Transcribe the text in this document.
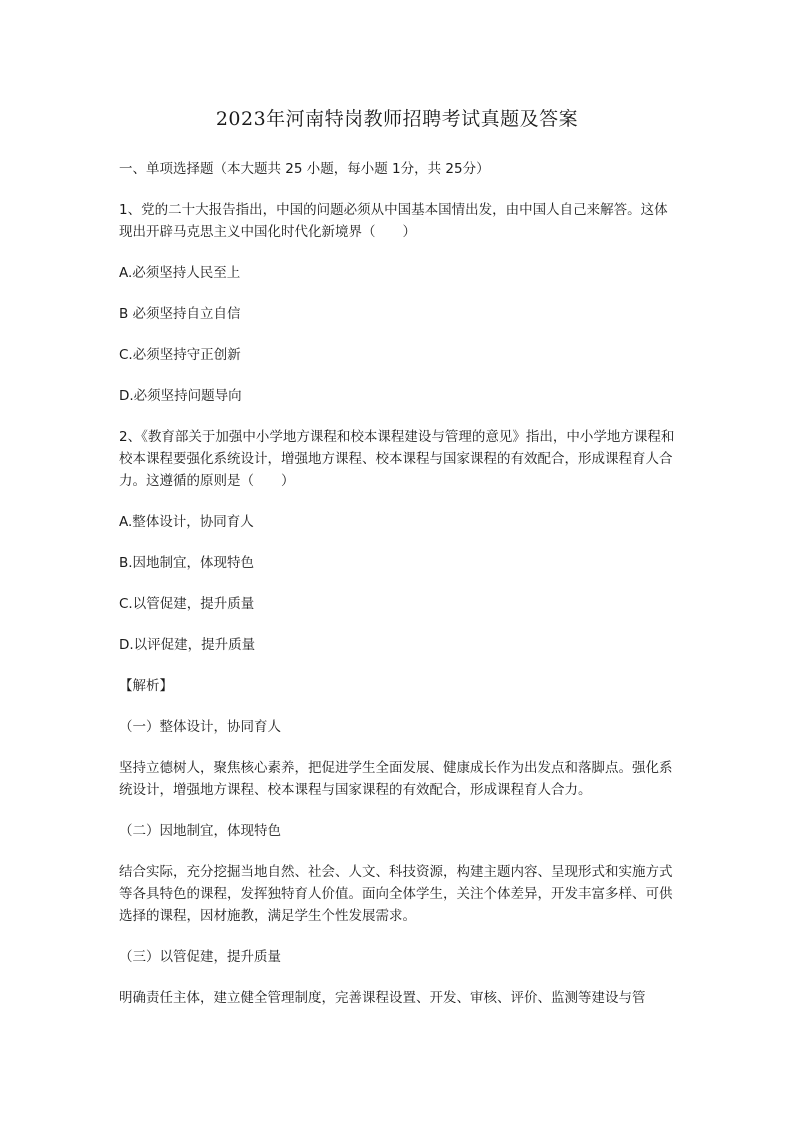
2023年河南特岗教师招聘考试真题及答案

一、单项选择题（本大题共 25 小题，每小题 1分，共 25分）

1、党的二十大报告指出，中国的问题必须从中国基本国情出发，由中国人自己来解答。这体现出开辟马克思主义中国化时代化新境界（　　）

A.必须坚持人民至上

B 必须坚持自立自信

C.必须坚持守正创新

D.必须坚持问题导向

2、《教育部关于加强中小学地方课程和校本课程建设与管理的意见》指出，中小学地方课程和校本课程要强化系统设计，增强地方课程、校本课程与国家课程的有效配合，形成课程育人合力。这遵循的原则是（　　）

A.整体设计，协同育人

B.因地制宜，体现特色

C.以管促建，提升质量

D.以评促建，提升质量

【解析】

（一）整体设计，协同育人

坚持立德树人，聚焦核心素养，把促进学生全面发展、健康成长作为出发点和落脚点。强化系统设计，增强地方课程、校本课程与国家课程的有效配合，形成课程育人合力。

（二）因地制宜，体现特色

结合实际，充分挖掘当地自然、社会、人文、科技资源，构建主题内容、呈现形式和实施方式等各具特色的课程，发挥独特育人价值。面向全体学生，关注个体差异，开发丰富多样、可供选择的课程，因材施教，满足学生个性发展需求。

（三）以管促建，提升质量

明确责任主体，建立健全管理制度，完善课程设置、开发、审核、评价、监测等建设与管
